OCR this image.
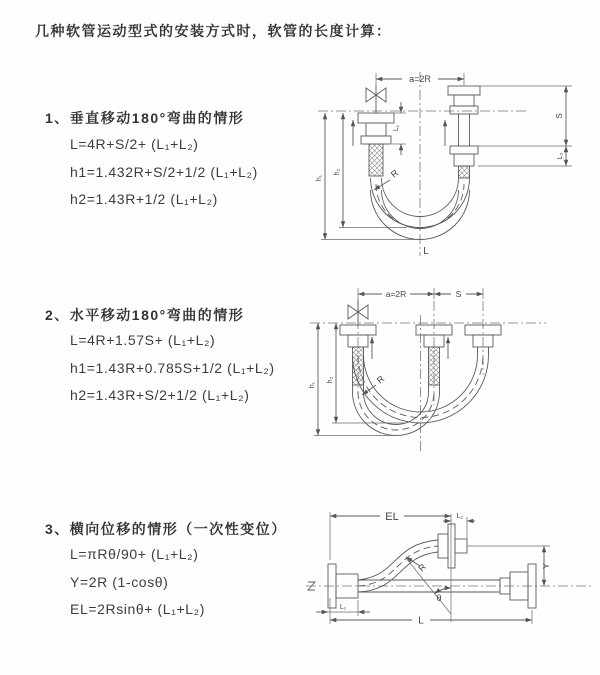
几种软管运动型式的安装方式时，软管的长度计算：
1、垂直移动180°弯曲的情形
L=4R+S/2+ (L₁+L₂)
h1=1.432R+S/2+1/2 (L₁+L₂)
h2=1.43R+1/2 (L₁+L₂)
2、水平移动180°弯曲的情形
L=4R+1.57S+ (L₁+L₂)
h1=1.43R+0.785S+1/2 (L₁+L₂)
h2=1.43R+S/2+1/2 (L₁+L₂)
3、横向位移的情形（一次性变位）
L=πRθ/90+ (L₁+L₂)
Y=2R (1-cosθ)
EL=2Rsinθ+ (L₁+L₂)
a=2R
L₁
S
L₂
h₁
h₂	R
L
a=2R	S
h₁
h₂	R
EL	L₂
Y
R
θ
L
L₁
